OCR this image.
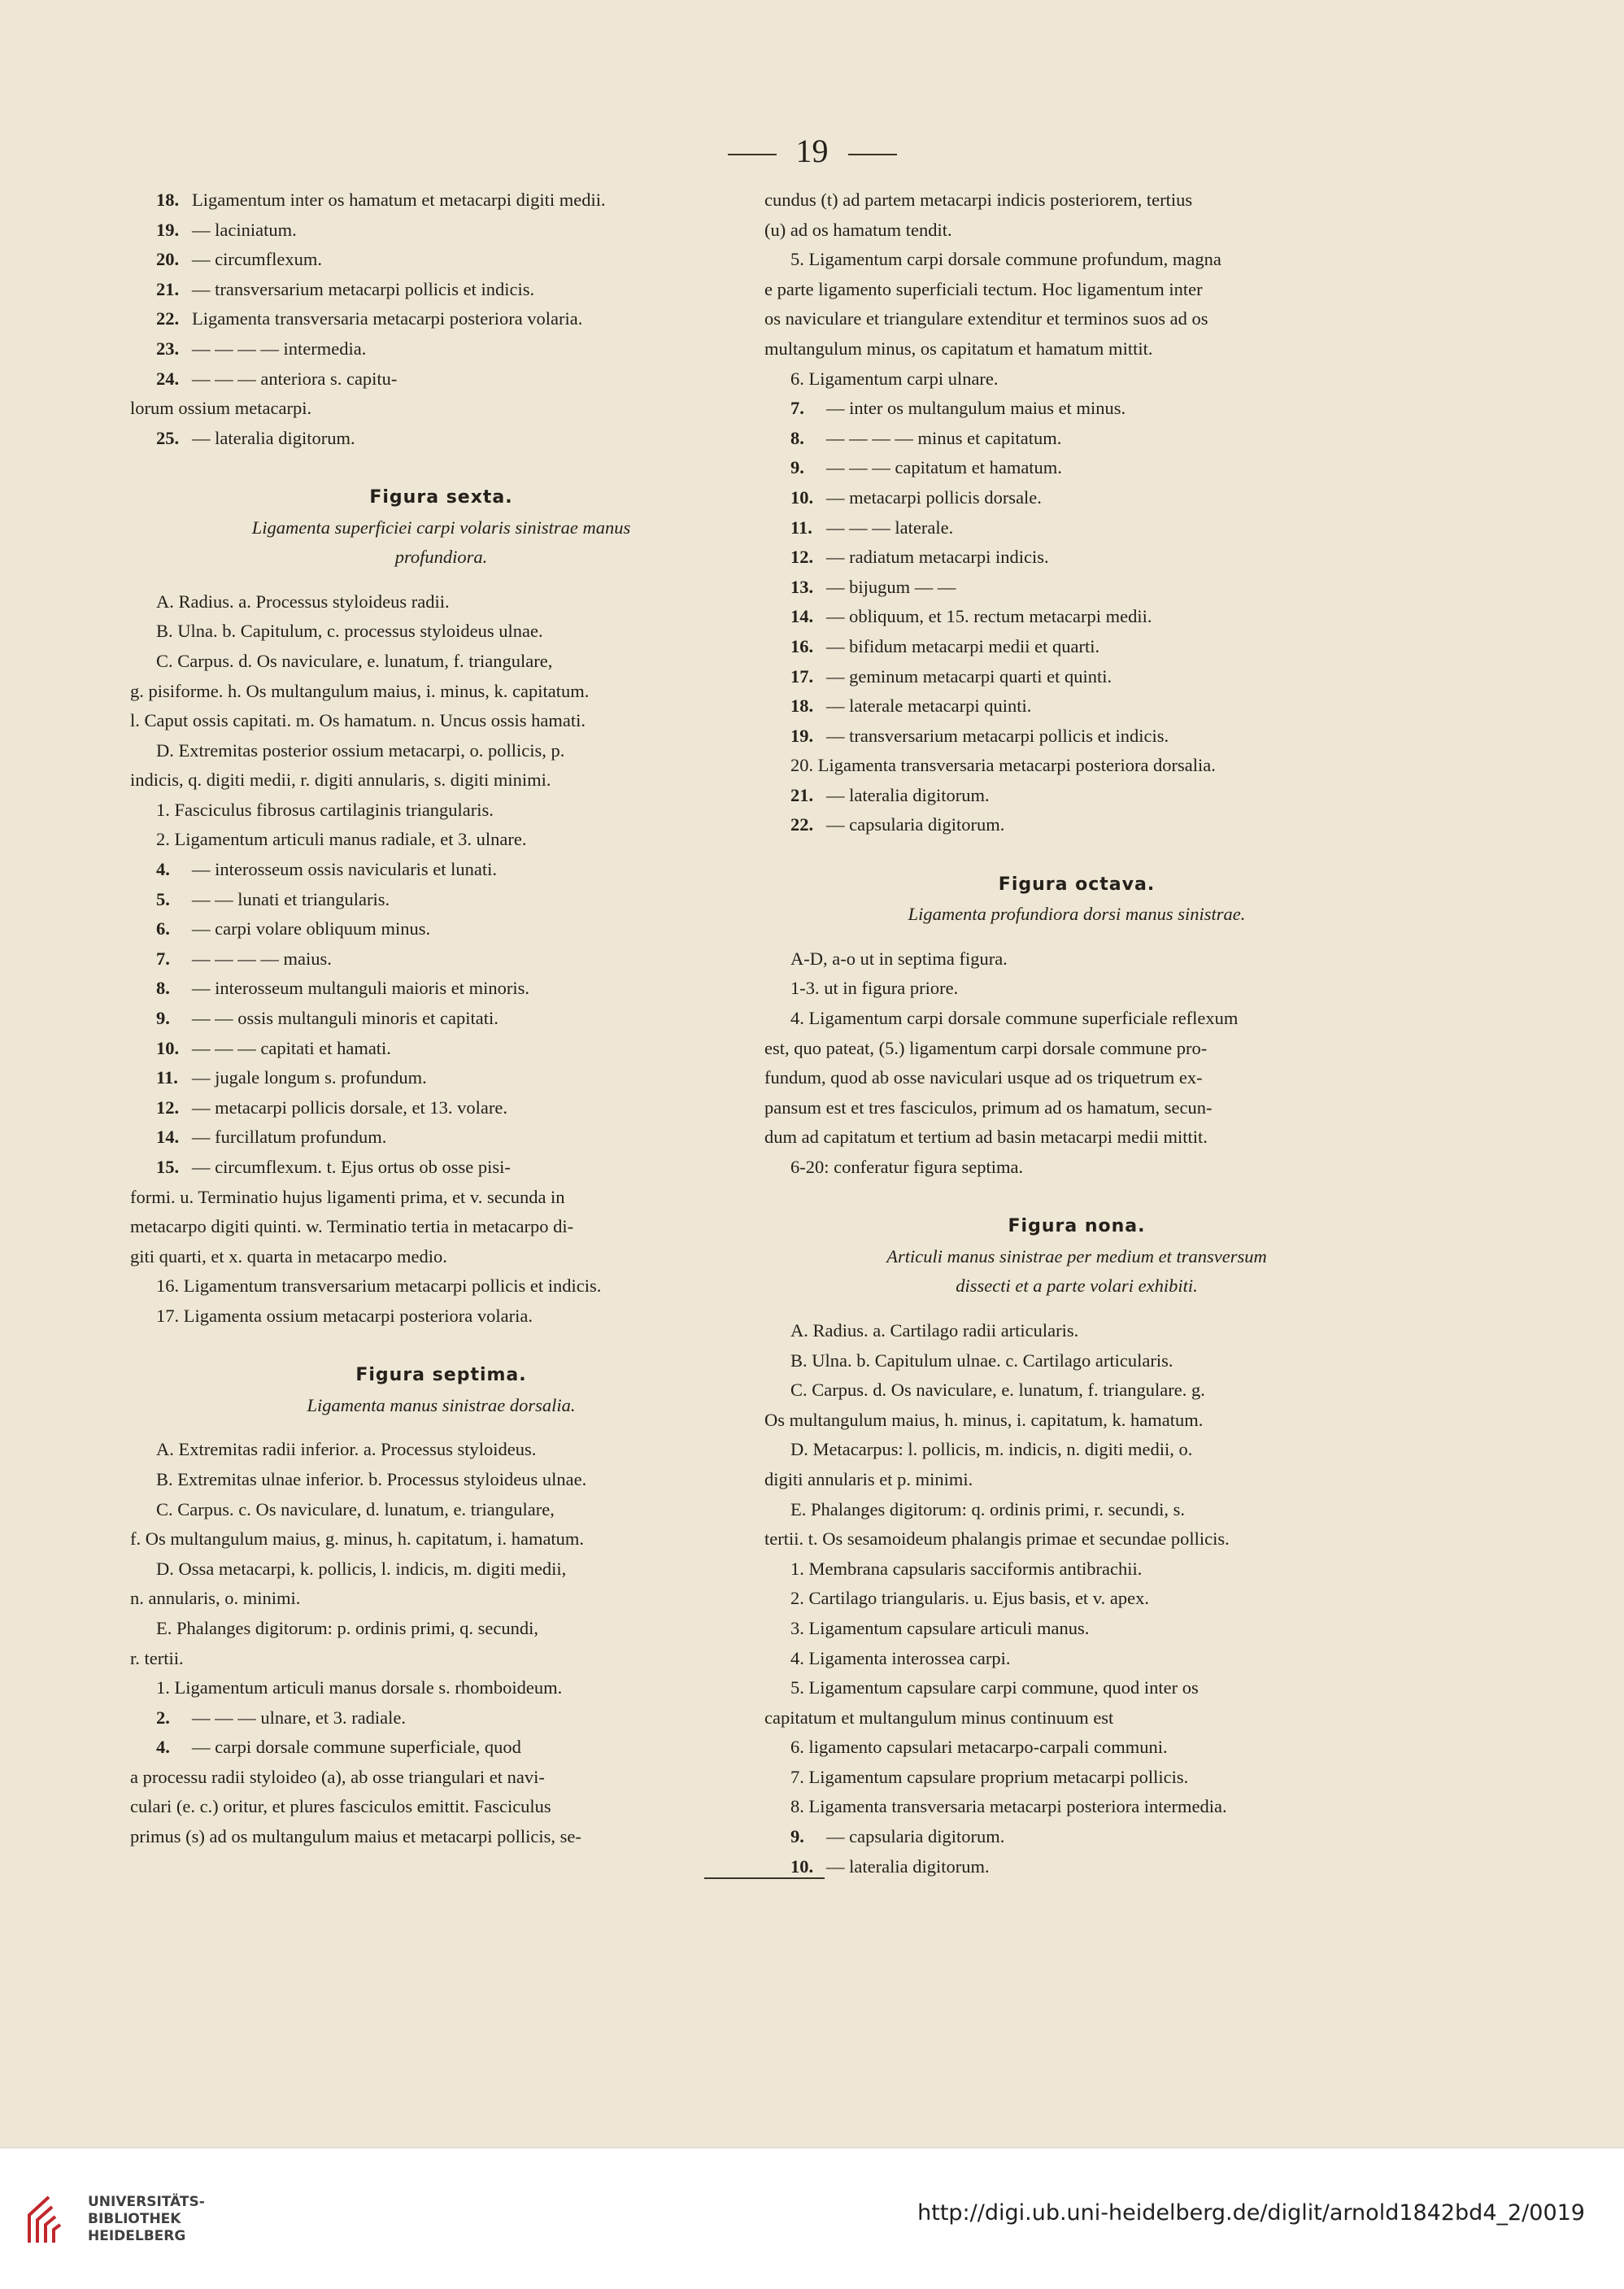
19
18. Ligamentum inter os hamatum et metacarpi digiti medii.
19. — laciniatum.
20. — circumflexum.
21. — transversarium metacarpi pollicis et indicis.
22. Ligamenta transversaria metacarpi posteriora volaria.
23. — — — — intermedia.
24. — — — anteriora s. capitu-
lorum ossium metacarpi.
25. — lateralia digitorum.
Figura sexta.
Ligamenta superficiei carpi volaris sinistrae manus
profundiora.
A. Radius. a. Processus styloideus radii.
B. Ulna. b. Capitulum, c. processus styloideus ulnae.
C. Carpus. d. Os naviculare, e. lunatum, f. triangulare,
g. pisiforme. h. Os multangulum maius, i. minus, k. capitatum.
l. Caput ossis capitati. m. Os hamatum. n. Uncus ossis hamati.
D. Extremitas posterior ossium metacarpi, o. pollicis, p.
indicis, q. digiti medii, r. digiti annularis, s. digiti minimi.
1. Fasciculus fibrosus cartilaginis triangularis.
2. Ligamentum articuli manus radiale, et 3. ulnare.
4. — interosseum ossis navicularis et lunati.
5. — — lunati et triangularis.
6. — carpi volare obliquum minus.
7. — — — — maius.
8. — interosseum multanguli maioris et minoris.
9. — — ossis multanguli minoris et capitati.
10. — — — capitati et hamati.
11. — jugale longum s. profundum.
12. — metacarpi pollicis dorsale, et 13. volare.
14. — furcillatum profundum.
15. — circumflexum. t. Ejus ortus ob osse pisi-
formi. u. Terminatio hujus ligamenti prima, et v. secunda in
metacarpo digiti quinti. w. Terminatio tertia in metacarpo di-
giti quarti, et x. quarta in metacarpo medio.
16. Ligamentum transversarium metacarpi pollicis et indicis.
17. Ligamenta ossium metacarpi posteriora volaria.
Figura septima.
Ligamenta manus sinistrae dorsalia.
A. Extremitas radii inferior. a. Processus styloideus.
B. Extremitas ulnae inferior. b. Processus styloideus ulnae.
C. Carpus. c. Os naviculare, d. lunatum, e. triangulare,
f. Os multangulum maius, g. minus, h. capitatum, i. hamatum.
D. Ossa metacarpi, k. pollicis, l. indicis, m. digiti medii,
n. annularis, o. minimi.
E. Phalanges digitorum: p. ordinis primi, q. secundi,
r. tertii.
1. Ligamentum articuli manus dorsale s. rhomboideum.
2. — — — ulnare, et 3. radiale.
4. — carpi dorsale commune superficiale, quod
a processu radii styloideo (a), ab osse triangulari et navi-
culari (e. c.) oritur, et plures fasciculos emittit. Fasciculus
primus (s) ad os multangulum maius et metacarpi pollicis, se-
cundus (t) ad partem metacarpi indicis posteriorem, tertius
(u) ad os hamatum tendit.
5. Ligamentum carpi dorsale commune profundum, magna
e parte ligamento superficiali tectum. Hoc ligamentum inter
os naviculare et triangulare extenditur et terminos suos ad os
multangulum minus, os capitatum et hamatum mittit.
6. Ligamentum carpi ulnare.
7. — inter os multangulum maius et minus.
8. — — — — minus et capitatum.
9. — — — capitatum et hamatum.
10. — metacarpi pollicis dorsale.
11. — — — laterale.
12. — radiatum metacarpi indicis.
13. — bijugum — —
14. — obliquum, et 15. rectum metacarpi medii.
16. — bifidum metacarpi medii et quarti.
17. — geminum metacarpi quarti et quinti.
18. — laterale metacarpi quinti.
19. — transversarium metacarpi pollicis et indicis.
20. Ligamenta transversaria metacarpi posteriora dorsalia.
21. — lateralia digitorum.
22. — capsularia digitorum.
Figura octava.
Ligamenta profundiora dorsi manus sinistrae.
A-D, a-o ut in septima figura.
1-3. ut in figura priore.
4. Ligamentum carpi dorsale commune superficiale reflexum
est, quo pateat, (5.) ligamentum carpi dorsale commune pro-
fundum, quod ab osse naviculari usque ad os triquetrum ex-
pansum est et tres fasciculos, primum ad os hamatum, secun-
dum ad capitatum et tertium ad basin metacarpi medii mittit.
6-20: conferatur figura septima.
Figura nona.
Articuli manus sinistrae per medium et transversum
dissecti et a parte volari exhibiti.
A. Radius. a. Cartilago radii articularis.
B. Ulna. b. Capitulum ulnae. c. Cartilago articularis.
C. Carpus. d. Os naviculare, e. lunatum, f. triangulare. g.
Os multangulum maius, h. minus, i. capitatum, k. hamatum.
D. Metacarpus: l. pollicis, m. indicis, n. digiti medii, o.
digiti annularis et p. minimi.
E. Phalanges digitorum: q. ordinis primi, r. secundi, s.
tertii. t. Os sesamoideum phalangis primae et secundae pollicis.
1. Membrana capsularis sacciformis antibrachii.
2. Cartilago triangularis. u. Ejus basis, et v. apex.
3. Ligamentum capsulare articuli manus.
4. Ligamenta interossea carpi.
5. Ligamentum capsulare carpi commune, quod inter os
capitatum et multangulum minus continuum est
6. ligamento capsulari metacarpo-carpali communi.
7. Ligamentum capsulare proprium metacarpi pollicis.
8. Ligamenta transversaria metacarpi posteriora intermedia.
9. — capsularia digitorum.
10. — lateralia digitorum.
UNIVERSITÄTS-
BIBLIOTHEK
HEIDELBERG
http://digi.ub.uni-heidelberg.de/diglit/arnold1842bd4_2/0019
